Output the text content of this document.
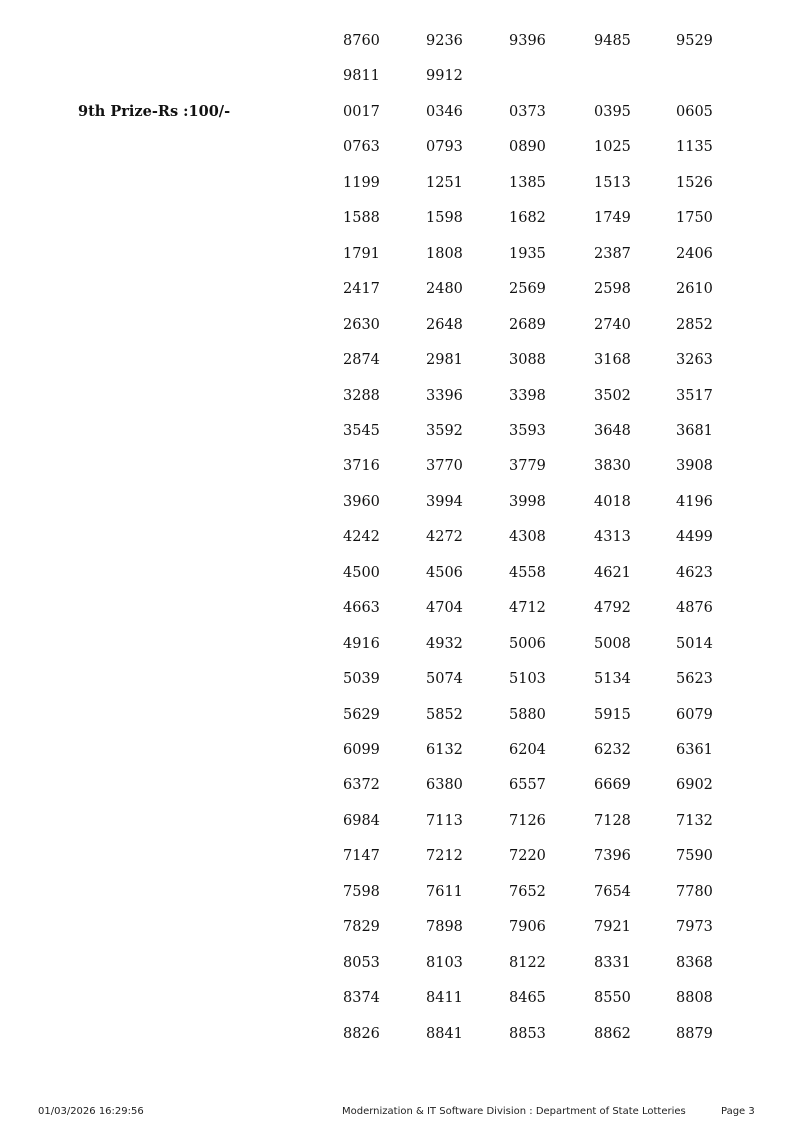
8760	9236	9396	9485	9529
9811	9912
9th Prize-Rs :100/-	0017	0346	0373	0395	0605
0763	0793	0890	1025	1135
1199	1251	1385	1513	1526
1588	1598	1682	1749	1750
1791	1808	1935	2387	2406
2417	2480	2569	2598	2610
2630	2648	2689	2740	2852
2874	2981	3088	3168	3263
3288	3396	3398	3502	3517
3545	3592	3593	3648	3681
3716	3770	3779	3830	3908
3960	3994	3998	4018	4196
4242	4272	4308	4313	4499
4500	4506	4558	4621	4623
4663	4704	4712	4792	4876
4916	4932	5006	5008	5014
5039	5074	5103	5134	5623
5629	5852	5880	5915	6079
6099	6132	6204	6232	6361
6372	6380	6557	6669	6902
6984	7113	7126	7128	7132
7147	7212	7220	7396	7590
7598	7611	7652	7654	7780
7829	7898	7906	7921	7973
8053	8103	8122	8331	8368
8374	8411	8465	8550	8808
8826	8841	8853	8862	8879
01/03/2026 16:29:56	Modernization & IT Software Division : Department of State Lotteries	Page 3
